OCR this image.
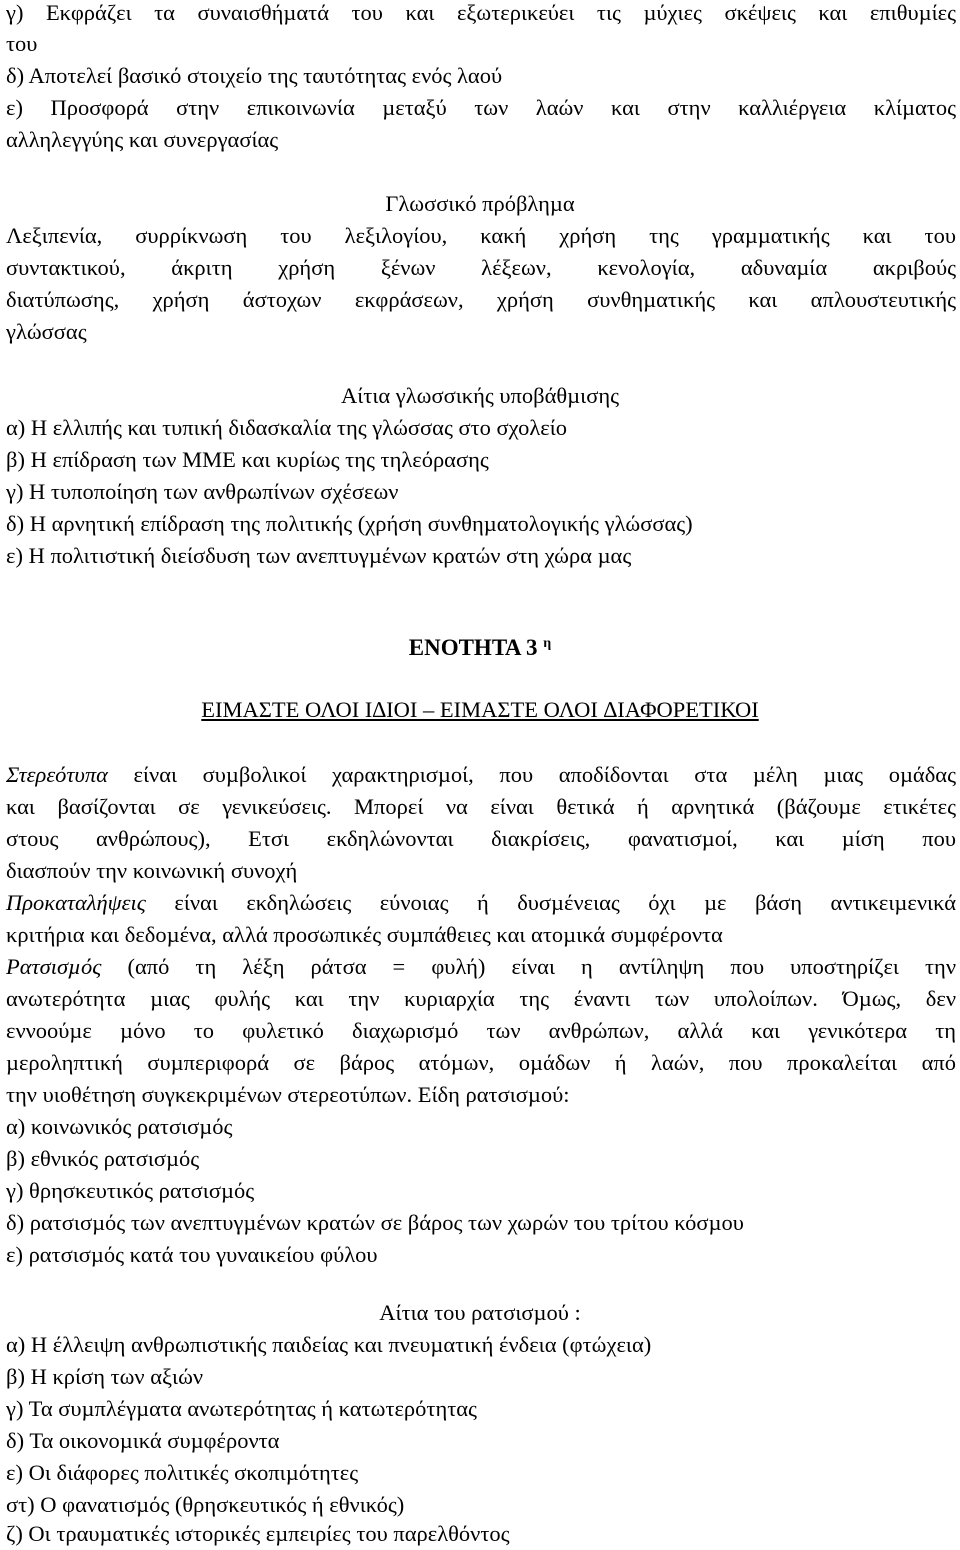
γ) Εκφράζει τα συναισθήµατά του και εξωτερικεύει τις µύχιες σκέψεις και επιθυµίες
του
δ) Αποτελεί βασικό στοιχείο της ταυτότητας ενός λαού
ε) Προσφορά στην επικοινωνία µεταξύ των λαών και στην καλλιέργεια κλίµατος
αλληλεγγύης και συνεργασίας
Γλωσσικό πρόβληµα
Λεξιπενία, συρρίκνωση του λεξιλογίου, κακή χρήση της γραµµατικής και του
συντακτικού, άκριτη χρήση ξένων λέξεων, κενολογία, αδυναµία ακριβούς
διατύπωσης, χρήση άστοχων εκφράσεων, χρήση συνθηµατικής και απλουστευτικής
γλώσσας
Αίτια γλωσσικής υποβάθµισης
α) Η ελλιπής και τυπική διδασκαλία της γλώσσας στο σχολείο
β) Η επίδραση των ΜΜΕ και κυρίως της τηλεόρασης
γ) Η τυποποίηση των ανθρωπίνων σχέσεων
δ) Η αρνητική επίδραση της πολιτικής (χρήση συνθηµατολογικής γλώσσας)
ε) Η πολιτιστική διείσδυση των ανεπτυγµένων κρατών στη χώρα µας
ΕΝΟΤΗΤΑ 3 $^\eta$
ΕΙΜΑΣΤΕ ΟΛΟΙ Ι∆ΙΟΙ – ΕΙΜΑΣΤΕ ΟΛΟΙ ∆ΙΑΦΟΡΕΤΙΚΟΙ
Στερεότυπα είναι συµβολικοί χαρακτηρισµοί, που αποδίδονται στα µέλη µιας οµάδας
και βασίζονται σε γενικεύσεις. Μπορεί να είναι θετικά ή αρνητικά (βάζουµε ετικέτες
στους ανθρώπους), Ετσι εκδηλώνονται διακρίσεις, φανατισµοί, και µίση που
διασπούν την κοινωνική συνοχή
Προκαταλήψεις είναι εκδηλώσεις εύνοιας ή δυσµένειας όχι µε βάση αντικειµενικά
κριτήρια και δεδοµένα, αλλά προσωπικές συµπάθειες και ατοµικά συµφέροντα
Ρατσισµός (από τη λέξη ράτσα = φυλή) είναι η αντίληψη που υποστηρίζει την
ανωτερότητα µιας φυλής και την κυριαρχία της έναντι των υπολοίπων. Όµως, δεν
εννοούµε µόνο το φυλετικό διαχωρισµό των ανθρώπων, αλλά και γενικότερα τη
µεροληπτική συµπεριφορά σε βάρος ατόµων, οµάδων ή λαών, που προκαλείται από
την υιοθέτηση συγκεκριµένων στερεοτύπων. Είδη ρατσισµού:
α) κοινωνικός ρατσισµός
β) εθνικός ρατσισµός
γ) θρησκευτικός ρατσισµός
δ) ρατσισµός των ανεπτυγµένων κρατών σε βάρος των χωρών του τρίτου κόσµου
ε) ρατσισµός κατά του γυναικείου φύλου
Αίτια του ρατσισµού :
α) Η έλλειψη ανθρωπιστικής παιδείας και πνευµατική ένδεια (φτώχεια)
β) Η κρίση των αξιών
γ) Τα συµπλέγµατα ανωτερότητας ή κατωτερότητας
δ) Τα οικονοµικά συµφέροντα
ε) Οι διάφορες πολιτικές σκοπιµότητες
στ) Ο φανατισµός (θρησκευτικός ή εθνικός)
ζ) Οι τραυµατικές ιστορικές εµπειρίες του παρελθόντος
